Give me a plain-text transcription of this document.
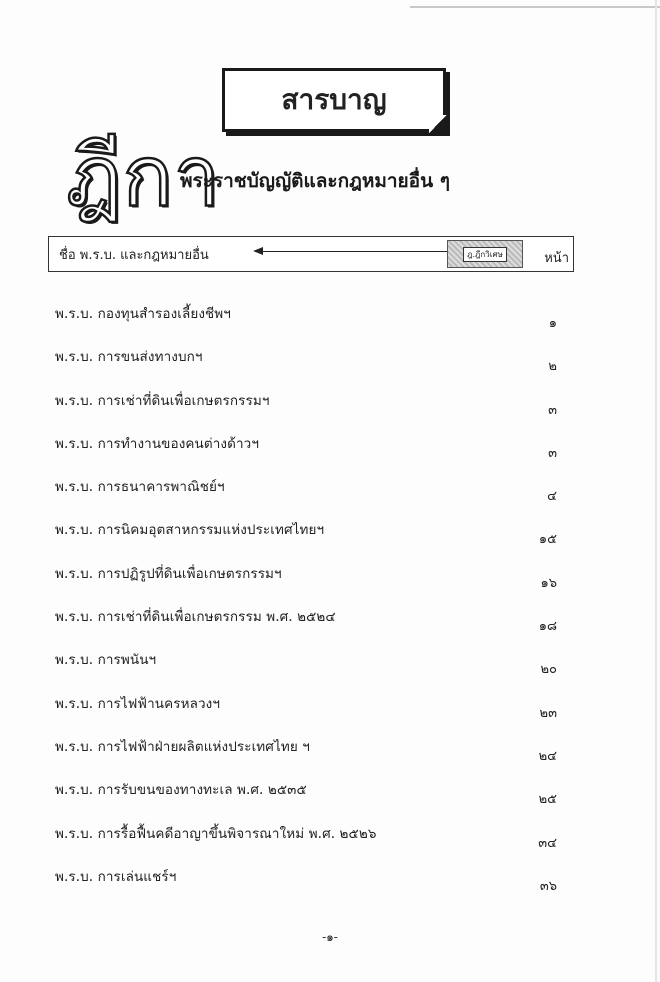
สารบาญ
ฎีกา
พระราชบัญญัติและกฎหมายอื่น ๆ
ชื่อ พ.ร.บ. และกฎหมายอื่น	ฎ.ฎีกวิเศษ	หน้า
พ.ร.บ. กองทุนสำรองเลี้ยงชีพฯ
๑
พ.ร.บ. การขนส่งทางบกฯ
๒
พ.ร.บ. การเช่าที่ดินเพื่อเกษตรกรรมฯ
๓
พ.ร.บ. การทำงานของคนต่างด้าวฯ
๓
พ.ร.บ. การธนาคารพาณิชย์ฯ
๔
พ.ร.บ. การนิคมอุตสาหกรรมแห่งประเทศไทยฯ
๑๕
พ.ร.บ. การปฏิรูปที่ดินเพื่อเกษตรกรรมฯ
๑๖
พ.ร.บ. การเช่าที่ดินเพื่อเกษตรกรรม พ.ศ. ๒๕๒๔
๑๘
พ.ร.บ. การพนันฯ
๒๐
พ.ร.บ. การไฟฟ้านครหลวงฯ
๒๓
พ.ร.บ. การไฟฟ้าฝ่ายผลิตแห่งประเทศไทย ฯ
๒๔
พ.ร.บ. การรับขนของทางทะเล พ.ศ. ๒๕๓๕
๒๕
พ.ร.บ. การรื้อฟื้นคดีอาญาขึ้นพิจารณาใหม่ พ.ศ. ๒๕๒๖
๓๔
พ.ร.บ. การเล่นแชร์ฯ
๓๖
-๑-
